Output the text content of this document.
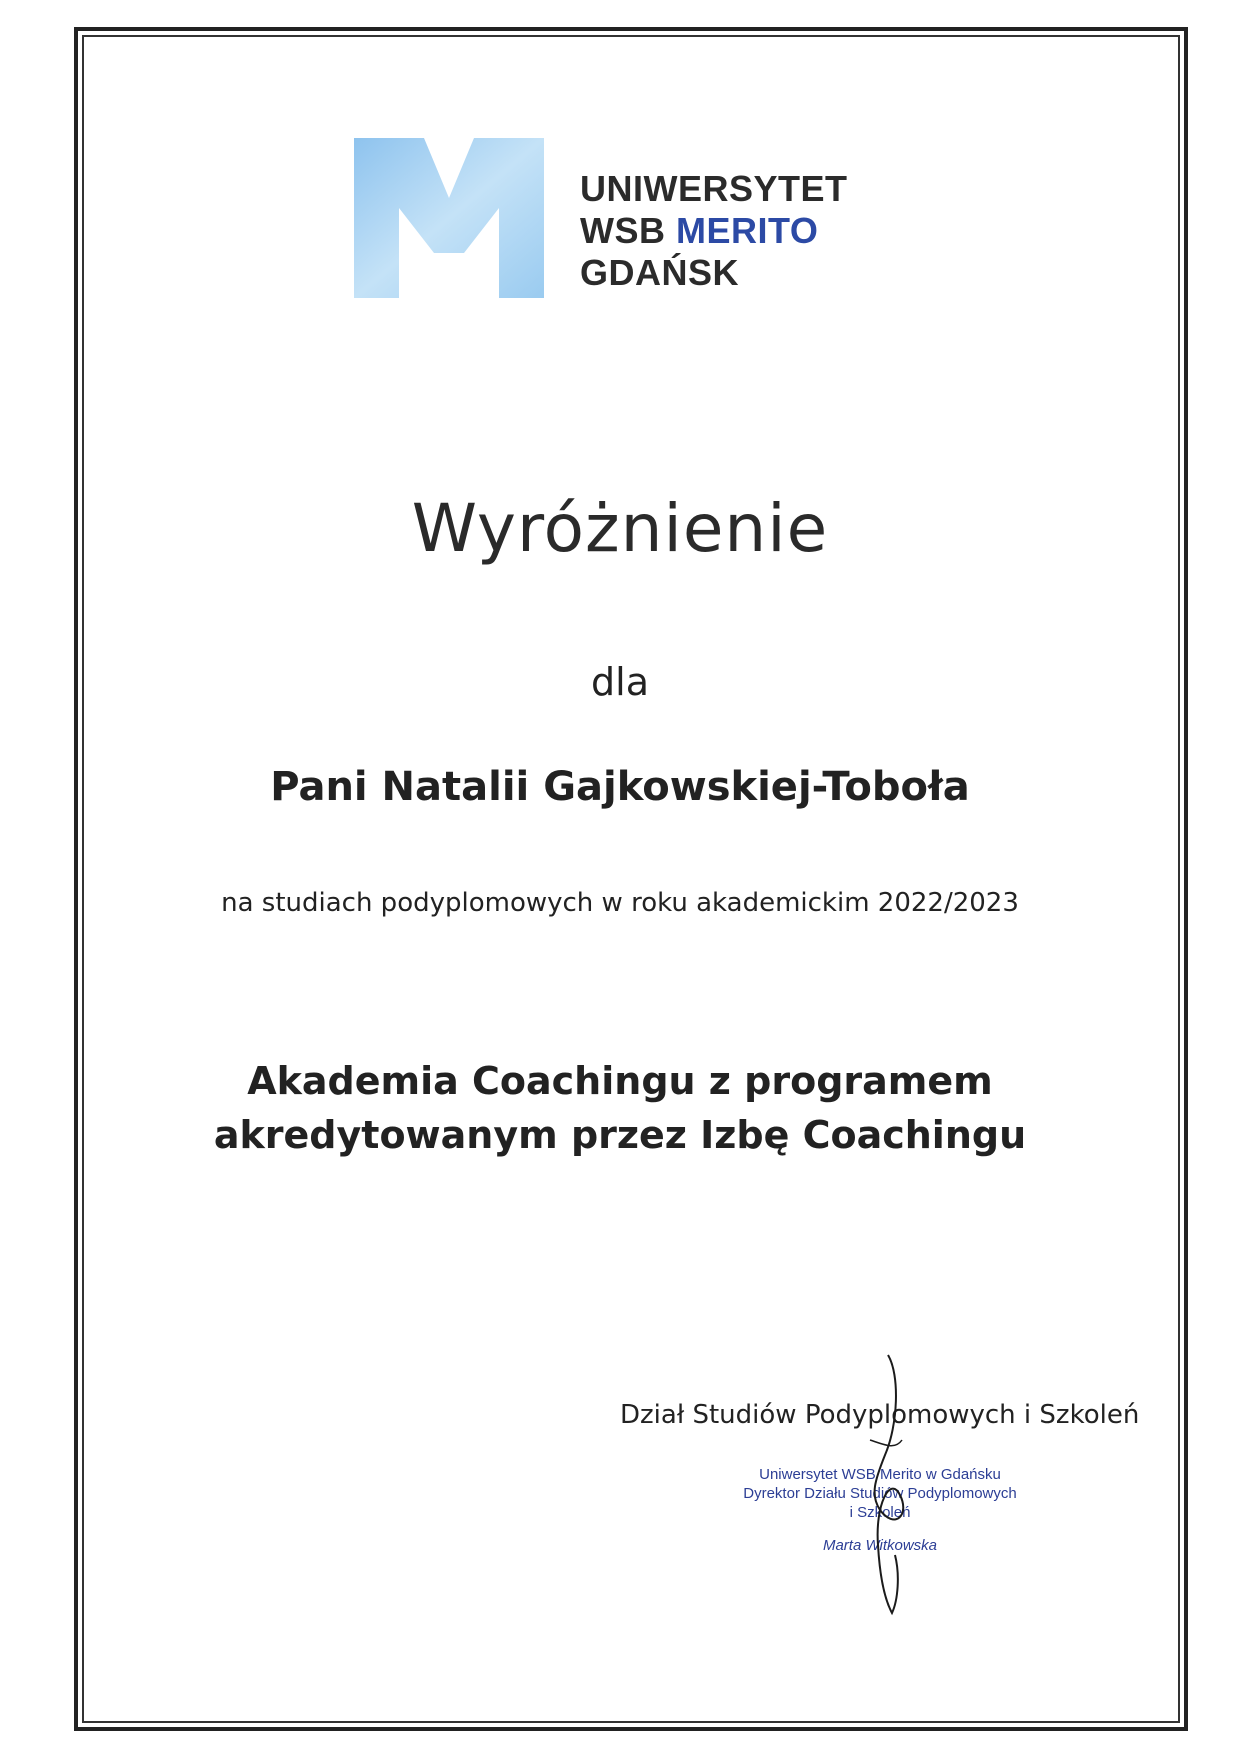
UNIWERSYTET
WSB MERITO
GDAŃSK
Wyróżnienie
dla
Pani Natalii Gajkowskiej-Toboła
na studiach podyplomowych w roku akademickim 2022/2023
Akademia Coachingu z programem
akredytowanym przez Izbę Coachingu
Dział Studiów Podyplomowych i Szkoleń
Uniwersytet WSB Merito w Gdańsku
Dyrektor Działu Studiów Podyplomowych
i Szkoleń
Marta Witkowska
